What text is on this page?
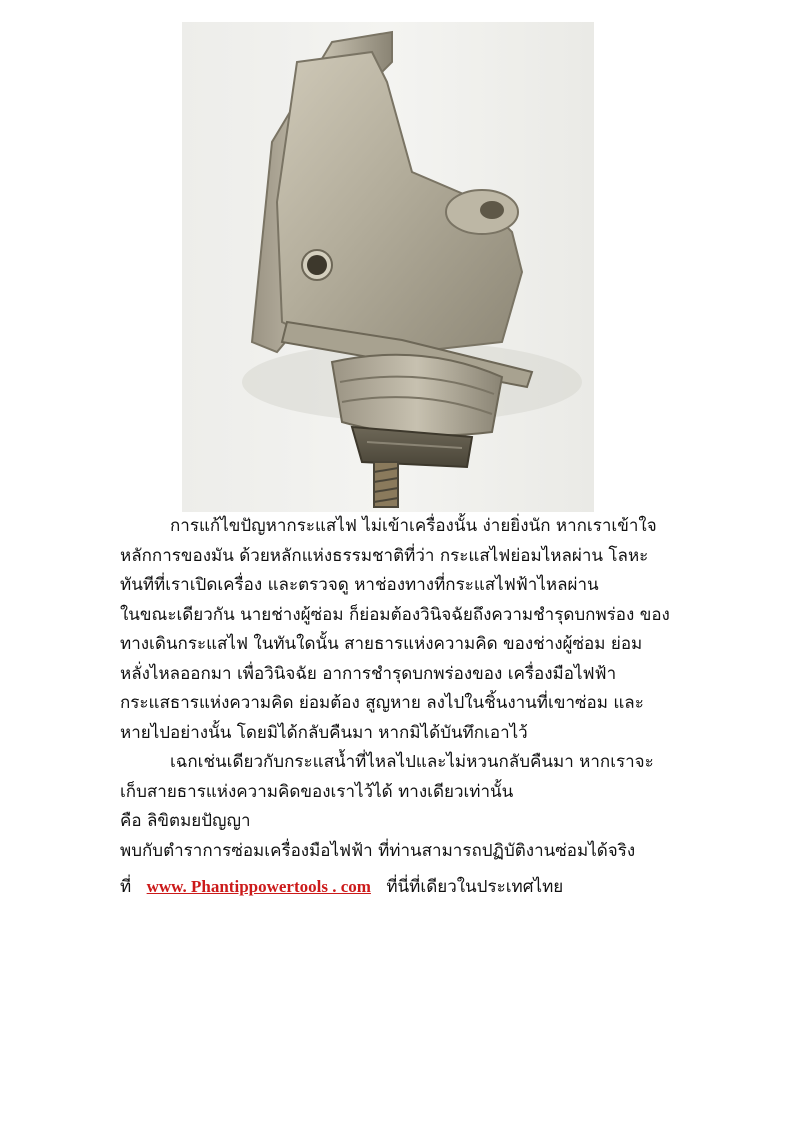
การแก้ไขปัญหากระแสไฟ ไม่เข้าเครื่องนั้น ง่ายยิ่งนัก หากเราเข้าใจ
หลักการของมัน ด้วยหลักแห่งธรรมชาติที่ว่า กระแสไฟย่อมไหลผ่าน โลหะ
ทันทีที่เราเปิดเครื่อง และตรวจดู หาช่องทางที่กระแสไฟฟ้าไหลผ่าน
ในขณะเดียวกัน นายช่างผู้ซ่อม ก็ย่อมต้องวินิจฉัยถึงความชำรุดบกพร่อง ของ
ทางเดินกระแสไฟ ในทันใดนั้น สายธารแห่งความคิด ของช่างผู้ซ่อม ย่อม
หลั่งไหลออกมา เพื่อวินิจฉัย อาการชำรุดบกพร่องของ เครื่องมือไฟฟ้า
กระแสธารแห่งความคิด ย่อมต้อง สูญหาย ลงไปในชิ้นงานที่เขาซ่อม และ
หายไปอย่างนั้น โดยมิได้กลับคืนมา หากมิได้บันทึกเอาไว้
เฉกเช่นเดียวกับกระแสน้ำที่ไหลไปและไม่หวนกลับคืนมา หากเราจะ
เก็บสายธารแห่งความคิดของเราไว้ได้ ทางเดียวเท่านั้น
คือ ลิขิตมยปัญญา
พบกับตำราการซ่อมเครื่องมือไฟฟ้า ที่ท่านสามารถปฏิบัติงานซ่อมได้จริง
ที่ www. Phantippowertools . com ที่นี่ที่เดียวในประเทศไทย
